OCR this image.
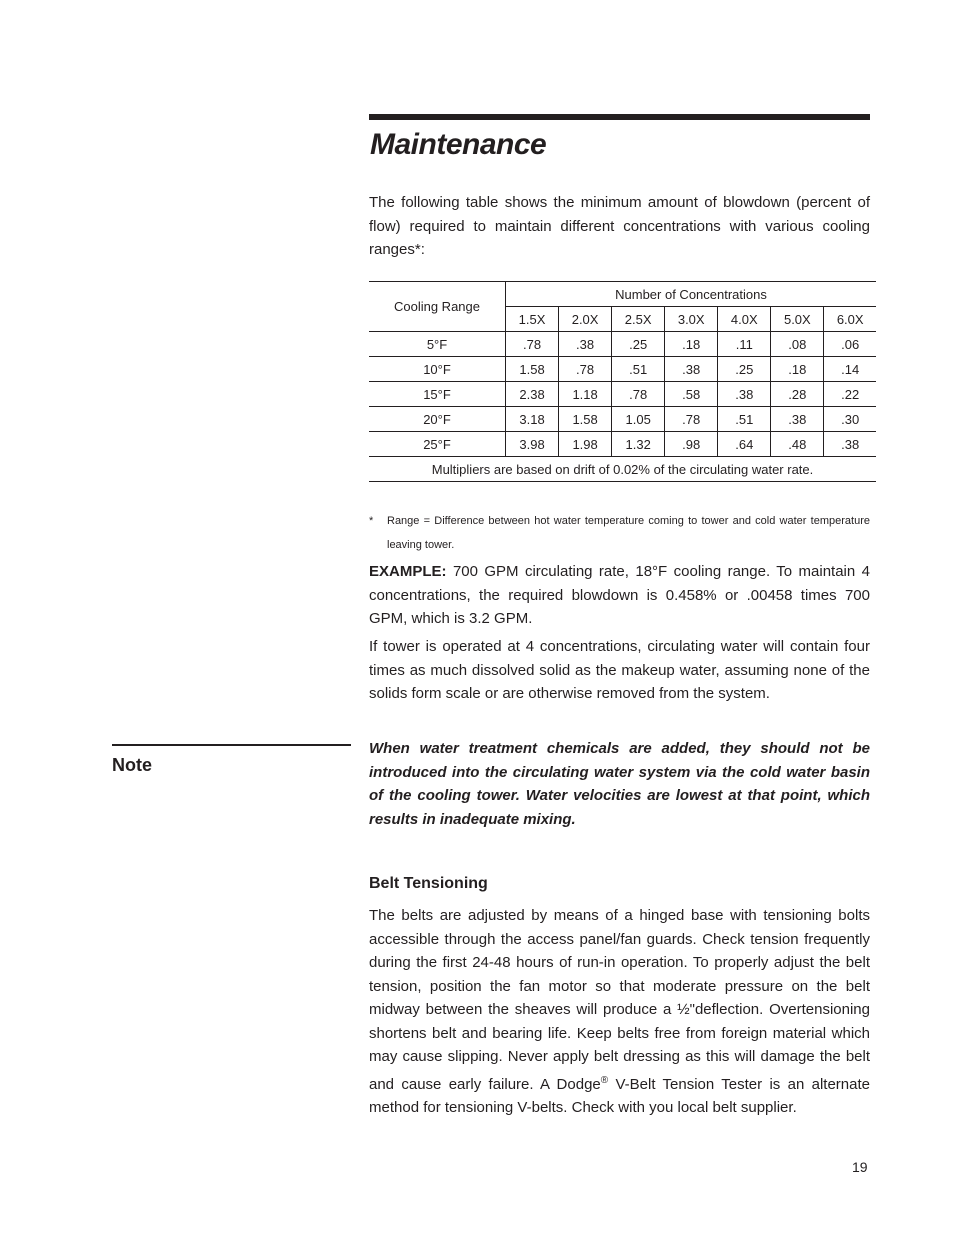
Maintenance

The following table shows the minimum amount of blowdown (percent of flow) required to maintain different concentrations with various cooling ranges*:

Cooling Range	Number of Concentrations						
	1.5X	2.0X	2.5X	3.0X	4.0X	5.0X	6.0X
5°F	.78	.38	.25	.18	.11	.08	.06
10°F	1.58	.78	.51	.38	.25	.18	.14
15°F	2.38	1.18	.78	.58	.38	.28	.22
20°F	3.18	1.58	1.05	.78	.51	.38	.30
25°F	3.98	1.98	1.32	.98	.64	.48	.38
Multipliers are based on drift of 0.02% of the circulating water rate.							
* Range = Difference between hot water temperature coming to tower and cold water temperature leaving tower.

EXAMPLE: 700 GPM circulating rate, 18°F cooling range. To maintain 4 concentrations, the required blowdown is 0.458% or .00458 times 700 GPM, which is 3.2 GPM.

If tower is operated at 4 concentrations, circulating water will contain four times as much dissolved solid as the makeup water, assuming none of the solids form scale or are otherwise removed from the system.

Note

When water treatment chemicals are added, they should not be introduced into the circulating water system via the cold water basin of the cooling tower. Water velocities are lowest at that point, which results in inadequate mixing.

Belt Tensioning

The belts are adjusted by means of a hinged base with tensioning bolts accessible through the access panel/fan guards. Check tension frequently during the first 24-48 hours of run-in operation. To properly adjust the belt tension, position the fan motor so that moderate pressure on the belt midway between the sheaves will produce a ½"deflection. Overtensioning shortens belt and bearing life. Keep belts free from foreign material which may cause slipping. Never apply belt dressing as this will damage the belt and cause early failure. A Dodge® V-Belt Tension Tester is an alternate method for tensioning V-belts. Check with you local belt supplier.

19
